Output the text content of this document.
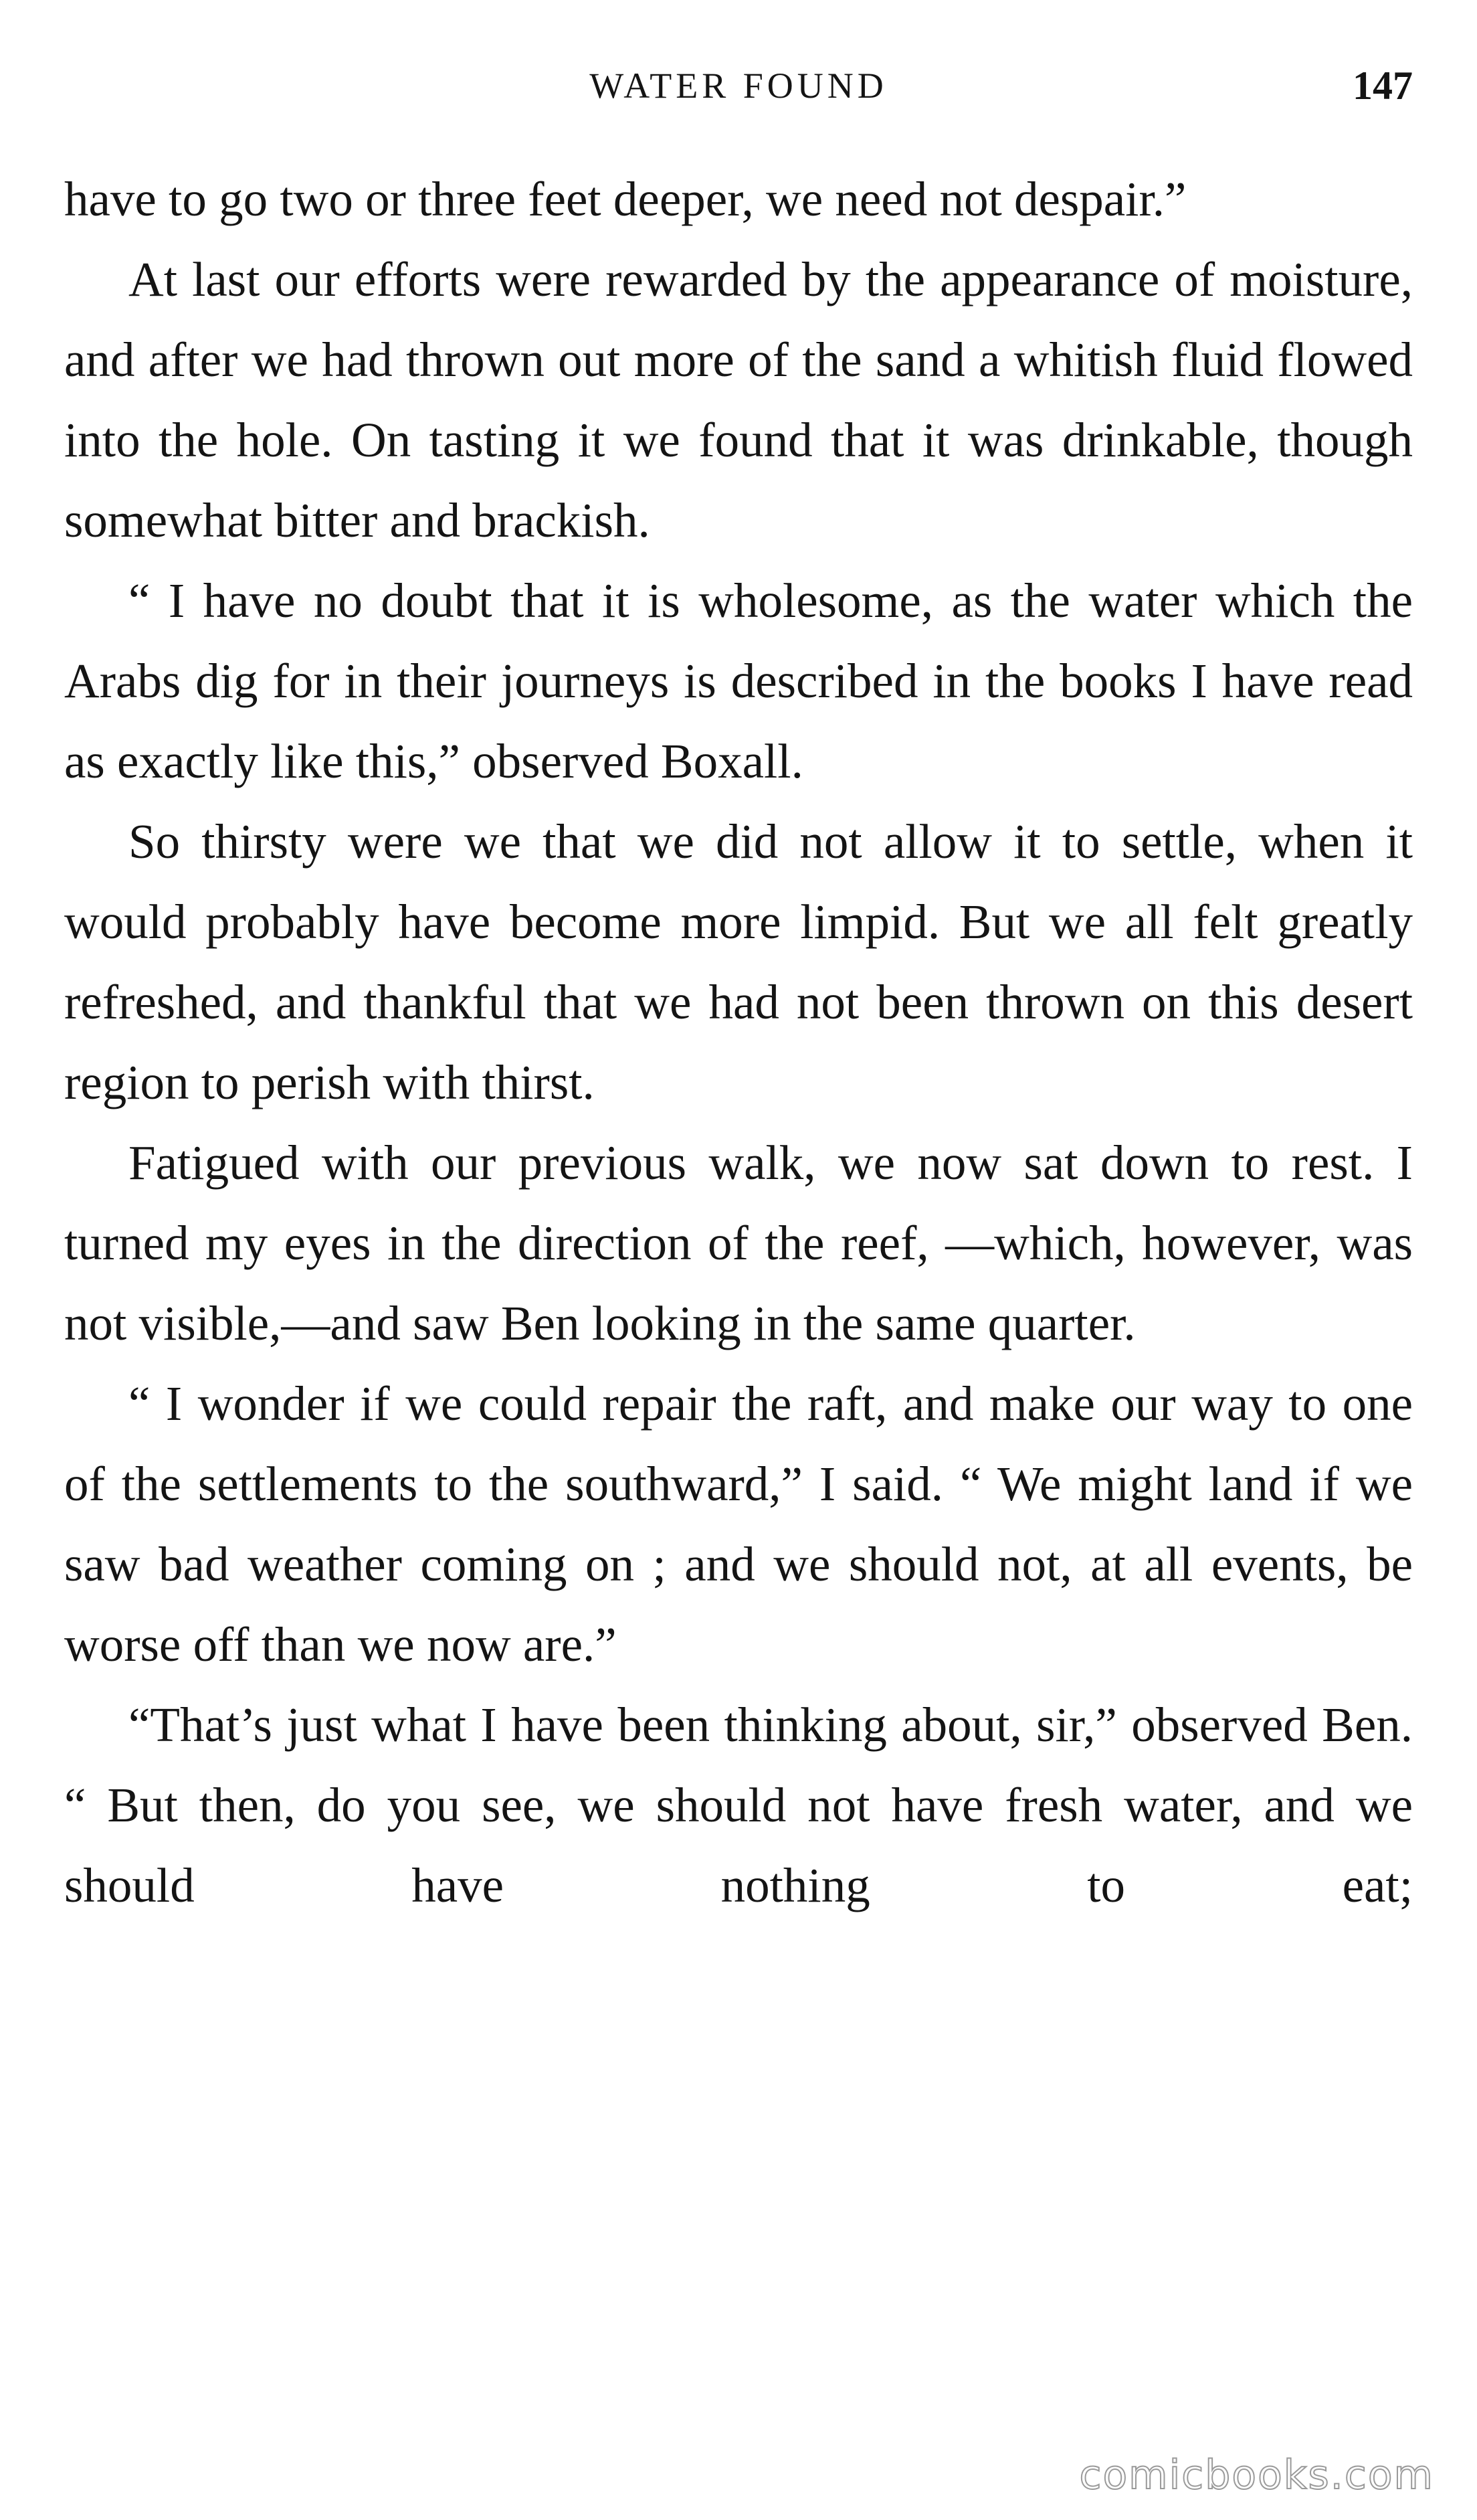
WATER FOUND	147

have to go two or three feet deeper, we need not despair.”

At last our efforts were rewarded by the appearance of moisture, and after we had thrown out more of the sand a whitish fluid flowed into the hole. On tasting it we found that it was drinkable, though somewhat bitter and brackish.

“ I have no doubt that it is wholesome, as the water which the Arabs dig for in their journeys is described in the books I have read as exactly like this,” observed Boxall.

So thirsty were we that we did not allow it to settle, when it would probably have become more limpid. But we all felt greatly refreshed, and thankful that we had not been thrown on this desert region to perish with thirst.

Fatigued with our previous walk, we now sat down to rest. I turned my eyes in the direction of the reef, —which, however, was not visible,—and saw Ben looking in the same quarter.

“ I wonder if we could repair the raft, and make our way to one of the settlements to the southward,” I said. “ We might land if we saw bad weather coming on ; and we should not, at all events, be worse off than we now are.”

“That’s just what I have been thinking about, sir,” observed Ben. “ But then, do you see, we should not have fresh water, and we should have nothing to eat;

comicbooks.com
